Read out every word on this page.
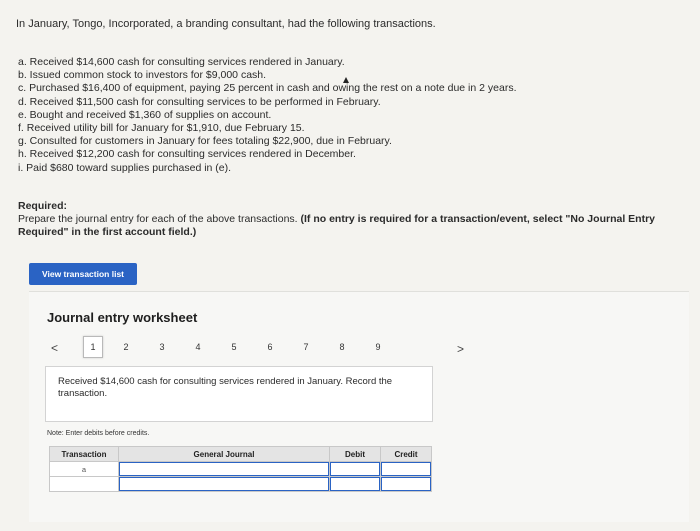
In January, Tongo, Incorporated, a branding consultant, had the following transactions.
a. Received $14,600 cash for consulting services rendered in January.
b. Issued common stock to investors for $9,000 cash.
c. Purchased $16,400 of equipment, paying 25 percent in cash and owing the rest on a note due in 2 years.
d. Received $11,500 cash for consulting services to be performed in February.
e. Bought and received $1,360 of supplies on account.
f. Received utility bill for January for $1,910, due February 15.
g. Consulted for customers in January for fees totaling $22,900, due in February.
h. Received $12,200 cash for consulting services rendered in December.
i. Paid $680 toward supplies purchased in (e).
Required:
Prepare the journal entry for each of the above transactions. (If no entry is required for a transaction/event, select "No Journal Entry Required" in the first account field.)
View transaction list
Journal entry worksheet
<	1	2	3	4	5	6	7	8	9	>
Received $14,600 cash for consulting services rendered in January. Record the transaction.
Note: Enter debits before credits.
Transaction	General Journal	Debit	Credit
a			
